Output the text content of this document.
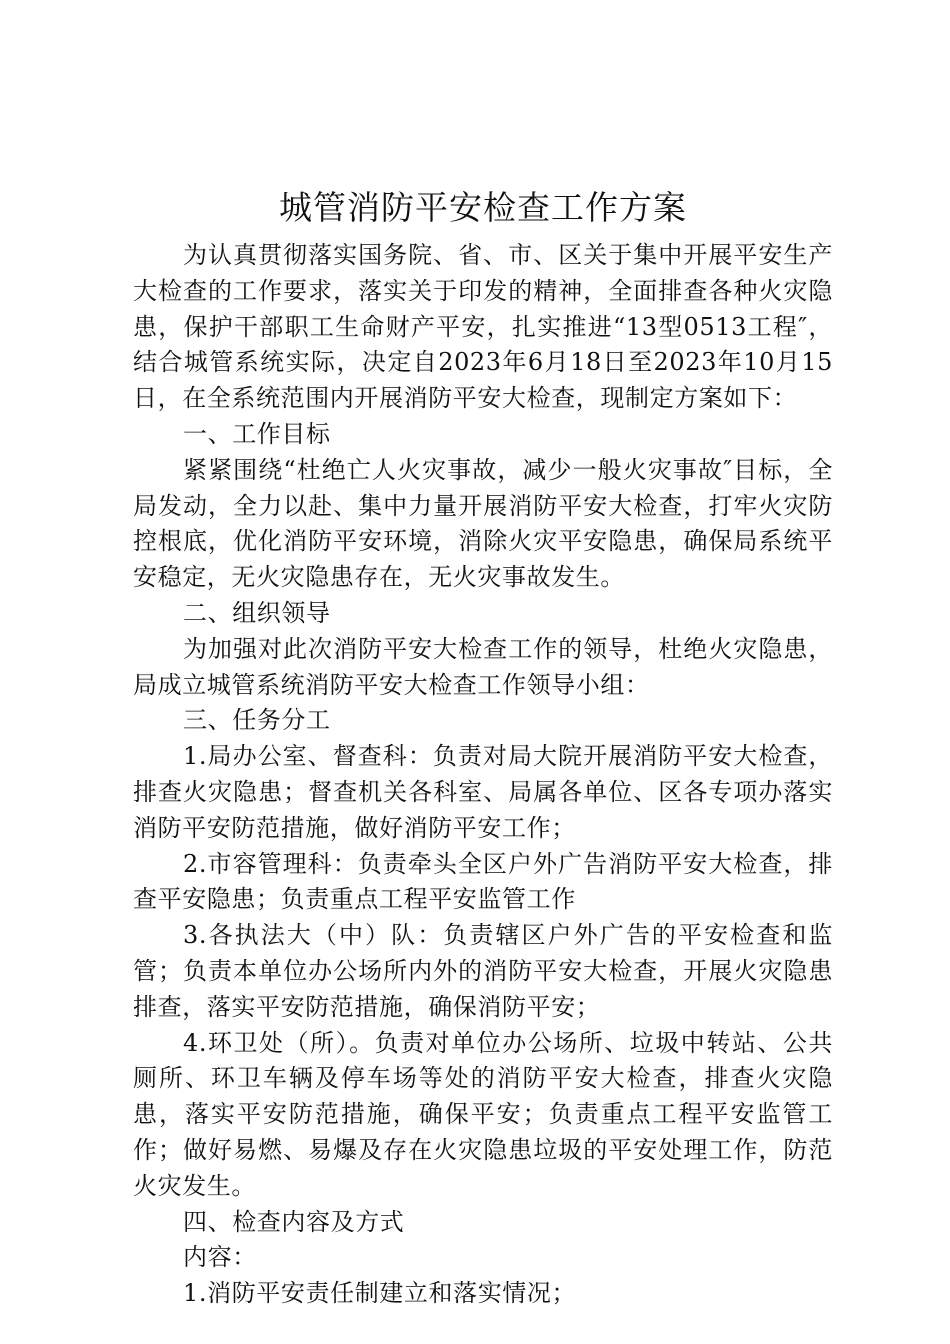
城管消防平安检查工作方案

为认真贯彻落实国务院、省、市、区关于集中开展平安生产大检查的工作要求，落实关于印发的精神，全面排查各种火灾隐患，保护干部职工生命财产平安，扎实推进“13型0513工程″，结合城管系统实际，决定自2023年6月18日至2023年10月15日，在全系统范围内开展消防平安大检查，现制定方案如下：

一、工作目标

紧紧围绕“杜绝亡人火灾事故，减少一般火灾事故″目标，全局发动，全力以赴、集中力量开展消防平安大检查，打牢火灾防控根底，优化消防平安环境，消除火灾平安隐患，确保局系统平安稳定，无火灾隐患存在，无火灾事故发生。

二、组织领导

为加强对此次消防平安大检查工作的领导，杜绝火灾隐患，局成立城管系统消防平安大检查工作领导小组：

三、任务分工

1.局办公室、督查科：负责对局大院开展消防平安大检查，排查火灾隐患；督查机关各科室、局属各单位、区各专项办落实消防平安防范措施，做好消防平安工作；

2.市容管理科：负责牵头全区户外广告消防平安大检查，排查平安隐患；负责重点工程平安监管工作

3.各执法大（中）队：负责辖区户外广告的平安检查和监管；负责本单位办公场所内外的消防平安大检查，开展火灾隐患排查，落实平安防范措施，确保消防平安；

4.环卫处（所）。负责对单位办公场所、垃圾中转站、公共厕所、环卫车辆及停车场等处的消防平安大检查，排查火灾隐患，落实平安防范措施，确保平安；负责重点工程平安监管工作；做好易燃、易爆及存在火灾隐患垃圾的平安处理工作，防范火灾发生。

四、检查内容及方式

内容：

1.消防平安责任制建立和落实情况；
